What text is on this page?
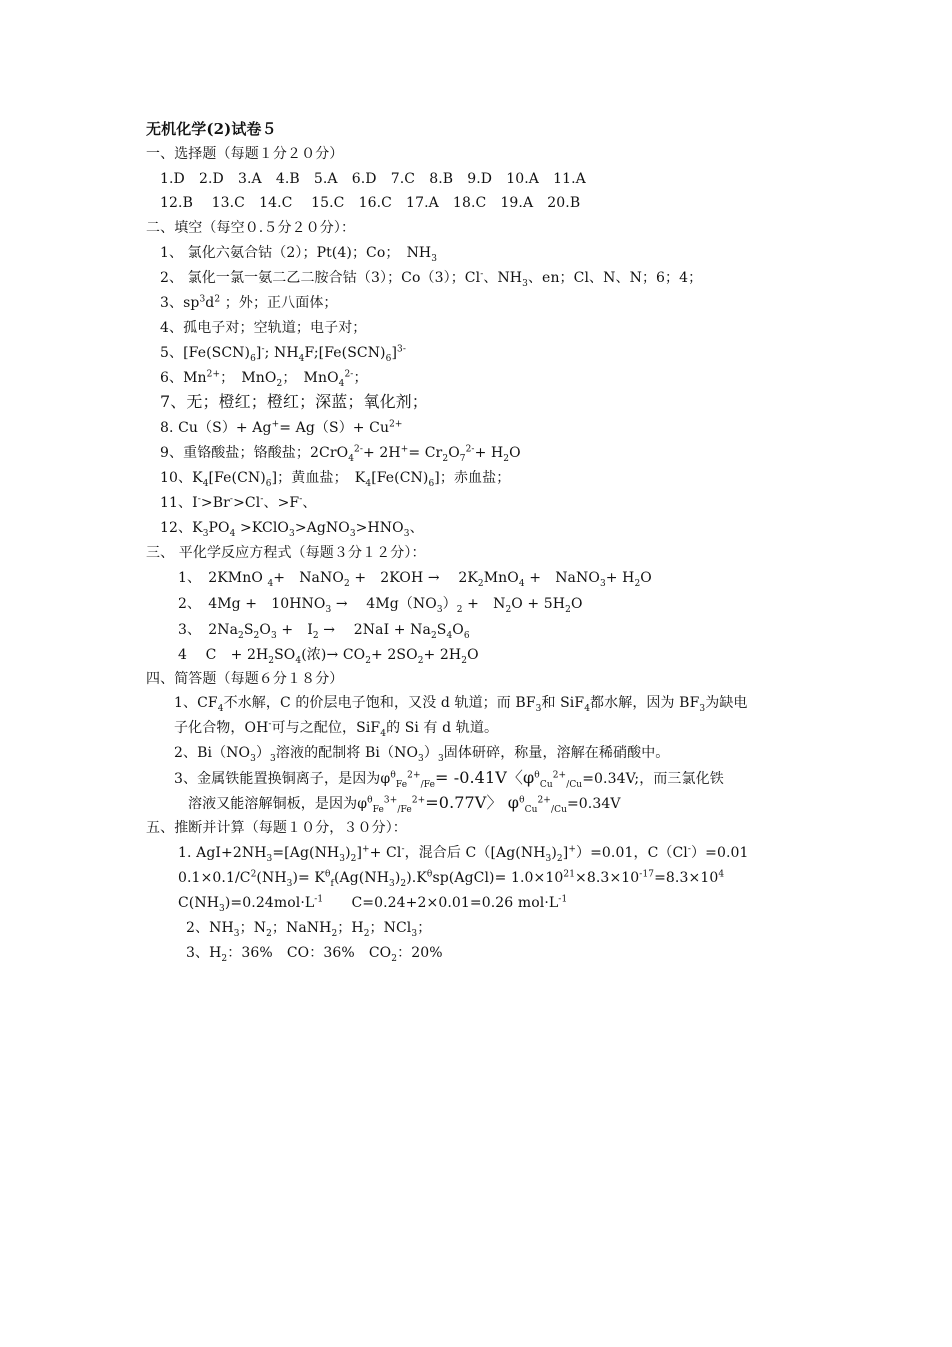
无机化学(2)试卷５
一、选择题（每题１分２０分）
1.D　2.D　3.A　4.B　5.A　6.D　7.C　8.B　9.D　10.A　11.A
12.B　 13.C　14.C　 15.C　16.C　17.A　18.C　19.A　20.B
二、填空（每空０.５分２０分）：
1、 氯化六氨合钴（2）；Pt(4)；Co；　$NH_3$
2、 氯化一氯一氨二乙二胺合钴（3）；Co（3）；Cl-、$NH_3$、en；Cl、N、N；6；4；
3、$sp^3d^2$ ；外；正八面体；
4、孤电子对；空轨道；电子对；
5、$[Fe(SCN)_6]^-$; $NH_4F;[Fe(SCN)_6]^{3-}$
6、$Mn^{2+}$；　MnO$_2$；　MnO$_4^{2-}$；
7、无；橙红；橙红；深蓝；氧化剂；
8. $Cu(S)+ Ag^+= Ag(S)+ Cu^{2+}$
9、重铬酸盐；铬酸盐；$2CrO_4^{2-}+ 2H^+= Cr_2O_7^{2-}+ H_2O$
10、$K_4[Fe(CN)_6]$；黄血盐；　$K_4[Fe(CN)_6]$；赤血盐；
11、I->Br->Cl-、>F-、
12、$K_3PO_4$ $>KClO_3>AgNO_3>HNO_3$、
三、 平化学反应方程式（每题３分１２分）：
1、　2KMnO $_4$+　NaNO$_2$ +　2KOH →　 $2K_2MnO_4$ +　NaNO$_3$+ $H_2O$
2、　4Mg +　$10HNO_3$ →　 $4Mg(NO_3)_2$ +　$N_2O + 5H_2O$
3、　$2Na_2S_2O_3$ +　$I_2$ →　 $2NaI + Na_2S_4O_6$
4　 C　+ $2H_2SO_4$(浓)→ $CO_2+ 2SO_2+ 2H_2O$
四、简答题（每题６分１８分）
1、$CF_4$不水解，C 的价层电子饱和，又没 d 轨道；而 $BF_3$和 SiF$_4$都水解，因为 $BF_3$为缺电
子化合物，OH-可与之配位，SiF$_4$的 Si 有 d 轨道。
2、$Bi(NO_3)_3$溶液的配制将 $Bi(NO_3)_3$固体研碎，称量，溶解在稀硝酸中。
3、金属铁能置换铜离子，是因为$\varphi^\theta_{Fe}^{2+}_{/Fe}= -0.41V$〈$\varphi^\theta_{Cu}^{2+}_{/Cu}=0.34V$;，而三氯化铁
溶液又能溶解铜板，是因为$\varphi^\theta_{Fe}^{3+}_{/Fe}^{2+}=0.77V$〉 $\varphi^\theta_{Cu}^{2+}_{/Cu}=0.34V$
五、推断并计算（每题１０分，３０分）：
1. $AgI+2NH_3=[Ag(NH_3)_2]^++ Cl^-$，混合后 $C([Ag(NH_3)_2]^+)=0.01$，C（Cl-）=0.01
$0.1\times 0.1/C^2(NH_3)=$ $K^\theta_f(Ag(NH_3)_2).K^\theta sp(AgCl)= 1.0\times 10^{21}\times 8.3\times 10^{-17}=8.3\times 10^4$
$C(NH_3)=0.24mol\cdot L^{-1}$　　C=0.24+2×0.01=0.26 $mol\cdot L^{-1}$
2、$NH_3$；$N_2$；NaNH$_2$；$H_2$；NCl$_3$；
3、$H_2$：36%　CO：36%　$CO_2$：20%
